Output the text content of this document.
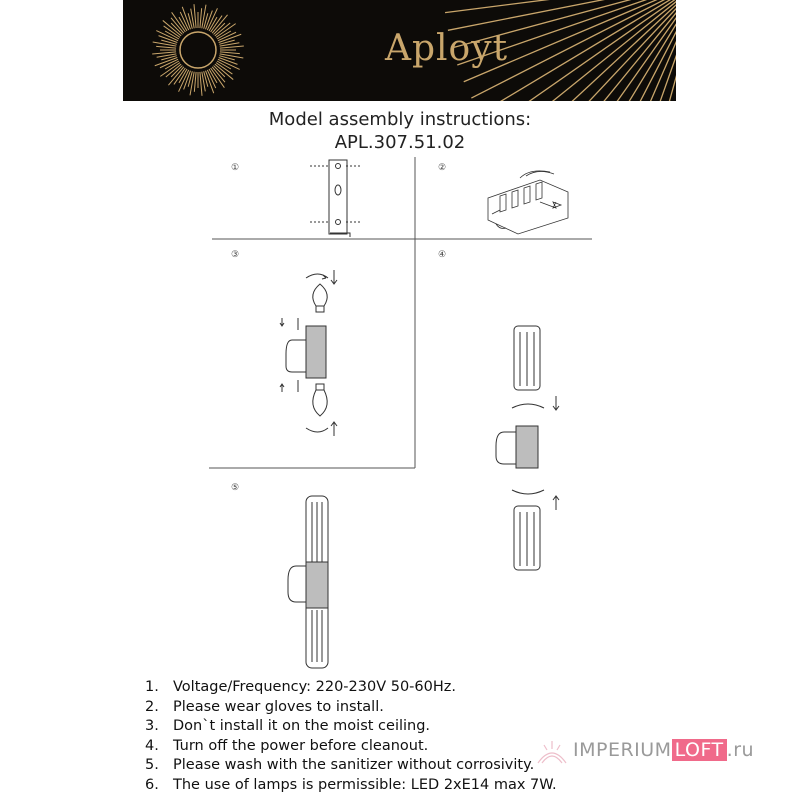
Aployt
Model assembly instructions:
APL.307.51.02
①	②
③	④
⑤
1. Voltage/Frequency: 220-230V 50-60Hz.
2. Please wear gloves to install.
3. Don`t install it on the moist ceiling.
4. Turn off the power before cleanout.
5. Please wash with the sanitizer without corrosivity.
6. The use of lamps is permissible: LED 2xE14 max 7W.
IMPERIUM LOFT .ru
